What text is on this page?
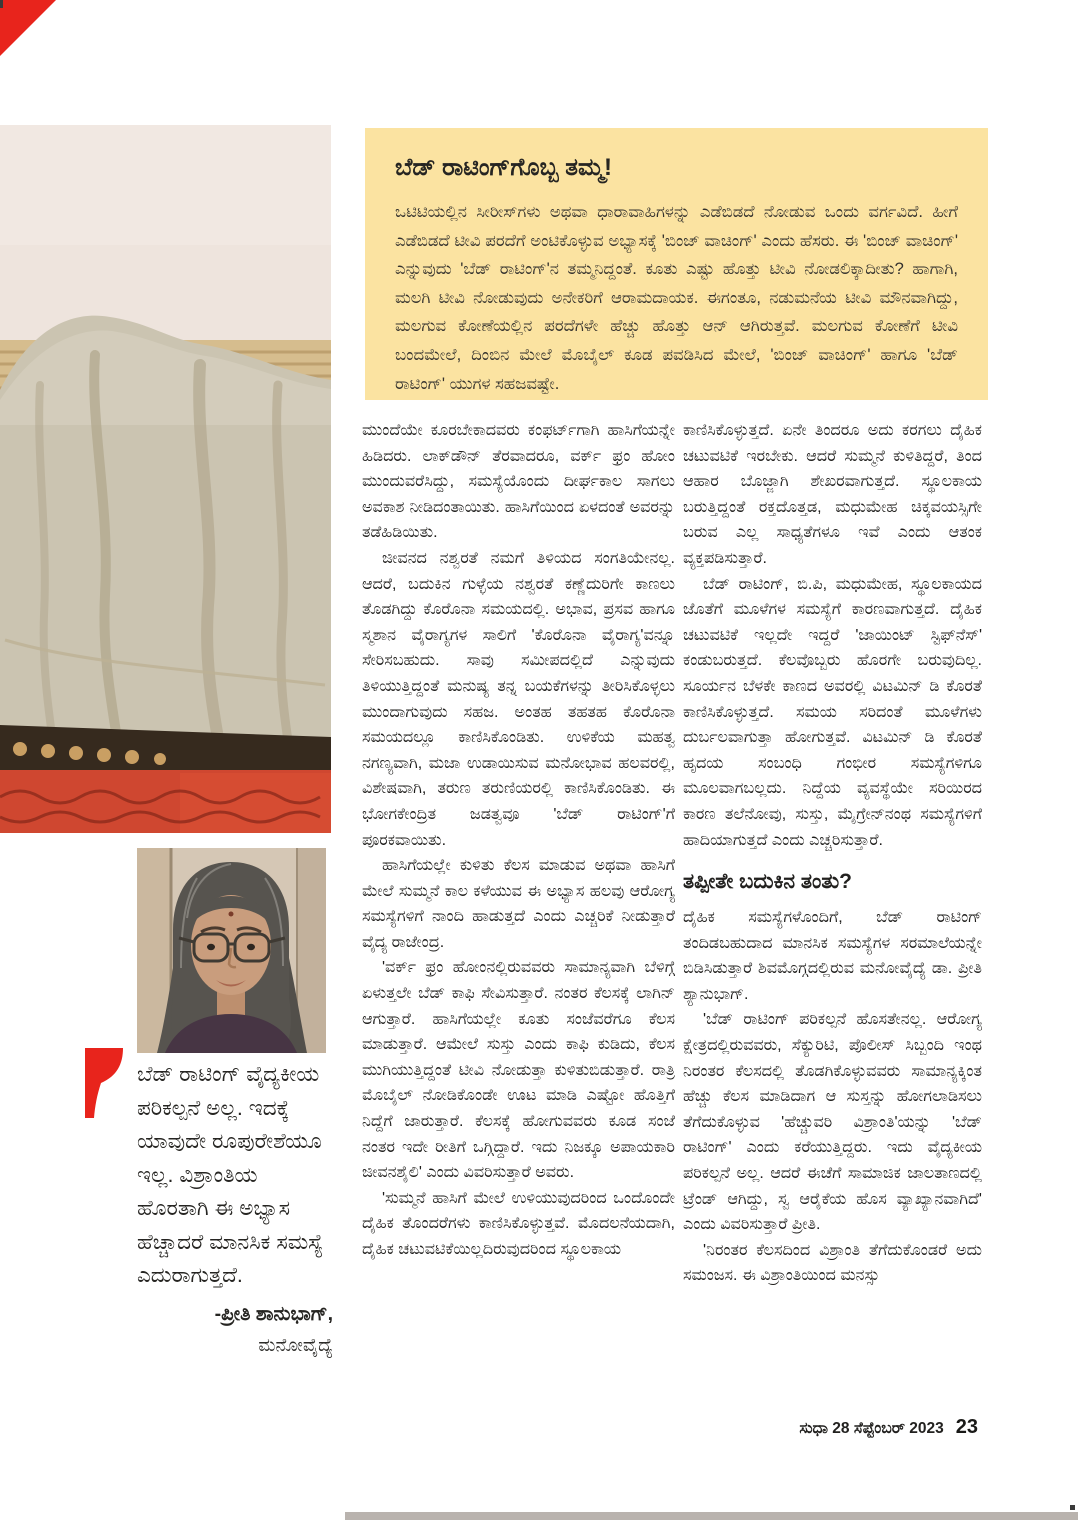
ಬೆಡ್ ರಾಟಿಂಗ್‌ಗೊಬ್ಬ ತಮ್ಮ!

ಒಟಿಟಿಯಲ್ಲಿನ ಸೀರೀಸ್‌ಗಳು ಅಥವಾ ಧಾರಾವಾಹಿಗಳನ್ನು ಎಡೆಬಿಡದೆ ನೋಡುವ ಒಂದು ವರ್ಗವಿದೆ. ಹೀಗೆ ಎಡೆಬಿಡದೆ ಟೀವಿ ಪರದೆಗೆ ಅಂಟಿಕೊಳ್ಳುವ ಅಭ್ಯಾಸಕ್ಕೆ 'ಬಿಂಜ್ ವಾಚಿಂಗ್' ಎಂದು ಹೆಸರು. ಈ 'ಬಿಂಜ್ ವಾಚಿಂಗ್' ಎನ್ನುವುದು 'ಬೆಡ್ ರಾಟಿಂಗ್'ನ ತಮ್ಮನಿದ್ದಂತೆ. ಕೂತು ಎಷ್ಟು ಹೊತ್ತು ಟೀವಿ ನೋಡಲಿಕ್ಕಾದೀತು? ಹಾಗಾಗಿ, ಮಲಗಿ ಟೀವಿ ನೋಡುವುದು ಅನೇಕರಿಗೆ ಆರಾಮದಾಯಕ. ಈಗಂತೂ, ನಡುಮನೆಯ ಟೀವಿ ಮೌನವಾಗಿದ್ದು, ಮಲಗುವ ಕೋಣೆಯಲ್ಲಿನ ಪರದೆಗಳೇ ಹೆಚ್ಚು ಹೊತ್ತು ಆನ್ ಆಗಿರುತ್ತವೆ. ಮಲಗುವ ಕೋಣೆಗೆ ಟೀವಿ ಬಂದಮೇಲೆ, ದಿಂಬಿನ ಮೇಲೆ ಮೊಬೈಲ್ ಕೂಡ ಪವಡಿಸಿದ ಮೇಲೆ, 'ಬಿಂಜ್ ವಾಚಿಂಗ್' ಹಾಗೂ 'ಬೆಡ್ ರಾಟಿಂಗ್' ಯುಗಳ ಸಹಜವಷ್ಟೇ.

ಮುಂದೆಯೇ ಕೂರಬೇಕಾದವರು ಕಂಫರ್ಟ್‌ಗಾಗಿ ಹಾಸಿಗೆಯನ್ನೇ ಹಿಡಿದರು. ಲಾಕ್‌ಡೌನ್ ತೆರವಾದರೂ, ವರ್ಕ್ ಫ್ರಂ ಹೋಂ ಮುಂದುವರೆಸಿದ್ದು, ಸಮಸ್ಯೆಯೊಂದು ದೀರ್ಘಕಾಲ ಸಾಗಲು ಅವಕಾಶ ನೀಡಿದಂತಾಯಿತು. ಹಾಸಿಗೆಯಿಂದ ಏಳದಂತೆ ಅವರನ್ನು ತಡೆಹಿಡಿಯಿತು.

ಜೀವನದ ನಶ್ವರತೆ ನಮಗೆ ತಿಳಿಯದ ಸಂಗತಿಯೇನಲ್ಲ. ಆದರೆ, ಬದುಕಿನ ಗುಳ್ಳೆಯ ನಶ್ವರತೆ ಕಣ್ಣೆದುರಿಗೇ ಕಾಣಲು ತೊಡಗಿದ್ದು ಕೊರೊನಾ ಸಮಯದಲ್ಲಿ. ಅಭಾವ, ಪ್ರಸವ ಹಾಗೂ ಸ್ಮಶಾನ ವೈರಾಗ್ಯಗಳ ಸಾಲಿಗೆ 'ಕೊರೊನಾ ವೈರಾಗ್ಯ'ವನ್ನೂ ಸೇರಿಸಬಹುದು. ಸಾವು ಸಮೀಪದಲ್ಲಿದೆ ಎನ್ನುವುದು ತಿಳಿಯುತ್ತಿದ್ದಂತೆ ಮನುಷ್ಯ ತನ್ನ ಬಯಕೆಗಳನ್ನು ತೀರಿಸಿಕೊಳ್ಳಲು ಮುಂದಾಗುವುದು ಸಹಜ. ಅಂತಹ ತಹತಹ ಕೊರೊನಾ ಸಮಯದಲ್ಲೂ ಕಾಣಿಸಿಕೊಂಡಿತು. ಉಳಿಕೆಯ ಮಹತ್ವ ನಗಣ್ಯವಾಗಿ, ಮಜಾ ಉಡಾಯಿಸುವ ಮನೋಭಾವ ಹಲವರಲ್ಲಿ, ವಿಶೇಷವಾಗಿ, ತರುಣ ತರುಣಿಯರಲ್ಲಿ ಕಾಣಿಸಿಕೊಂಡಿತು. ಈ ಭೋಗಕೇಂದ್ರಿತ ಜಡತ್ವವೂ 'ಬೆಡ್ ರಾಟಿಂಗ್'ಗೆ ಪೂರಕವಾಯಿತು.

ಹಾಸಿಗೆಯಲ್ಲೇ ಕುಳಿತು ಕೆಲಸ ಮಾಡುವ ಅಥವಾ ಹಾಸಿಗೆ ಮೇಲೆ ಸುಮ್ಮನೆ ಕಾಲ ಕಳೆಯುವ ಈ ಅಭ್ಯಾಸ ಹಲವು ಆರೋಗ್ಯ ಸಮಸ್ಯೆಗಳಿಗೆ ನಾಂದಿ ಹಾಡುತ್ತದೆ ಎಂದು ಎಚ್ಚರಿಕೆ ನೀಡುತ್ತಾರೆ ವೈದ್ಯ ರಾಜೇಂದ್ರ.

'ವರ್ಕ್ ಫ್ರಂ ಹೋಂನಲ್ಲಿರುವವರು ಸಾಮಾನ್ಯವಾಗಿ ಬೆಳಿಗ್ಗೆ ಏಳುತ್ತಲೇ ಬೆಡ್ ಕಾಫಿ ಸೇವಿಸುತ್ತಾರೆ. ನಂತರ ಕೆಲಸಕ್ಕೆ ಲಾಗಿನ್ ಆಗುತ್ತಾರೆ. ಹಾಸಿಗೆಯಲ್ಲೇ ಕೂತು ಸಂಜೆವರೆಗೂ ಕೆಲಸ ಮಾಡುತ್ತಾರೆ. ಆಮೇಲೆ ಸುಸ್ತು ಎಂದು ಕಾಫಿ ಕುಡಿದು, ಕೆಲಸ ಮುಗಿಯುತ್ತಿದ್ದಂತೆ ಟೀವಿ ನೋಡುತ್ತಾ ಕುಳಿತುಬಿಡುತ್ತಾರೆ. ರಾತ್ರಿ ಮೊಬೈಲ್ ನೋಡಿಕೊಂಡೇ ಊಟ ಮಾಡಿ ಎಷ್ಟೋ ಹೊತ್ತಿಗೆ ನಿದ್ದೆಗೆ ಜಾರುತ್ತಾರೆ. ಕೆಲಸಕ್ಕೆ ಹೋಗುವವರು ಕೂಡ ಸಂಜೆ ನಂತರ ಇದೇ ರೀತಿಗೆ ಒಗ್ಗಿದ್ದಾರೆ. ಇದು ನಿಜಕ್ಕೂ ಅಪಾಯಕಾರಿ ಜೀವನಶೈಲಿ' ಎಂದು ವಿವರಿಸುತ್ತಾರೆ ಅವರು.

'ಸುಮ್ಮನೆ ಹಾಸಿಗೆ ಮೇಲೆ ಉಳಿಯುವುದರಿಂದ ಒಂದೊಂದೇ ದೈಹಿಕ ತೊಂದರೆಗಳು ಕಾಣಿಸಿಕೊಳ್ಳುತ್ತವೆ. ಮೊದಲನೆಯದಾಗಿ, ದೈಹಿಕ ಚಟುವಟಿಕೆಯಿಲ್ಲದಿರುವುದರಿಂದ ಸ್ಥೂಲಕಾಯ

ಕಾಣಿಸಿಕೊಳ್ಳುತ್ತದೆ. ಏನೇ ತಿಂದರೂ ಅದು ಕರಗಲು ದೈಹಿಕ ಚಟುವಟಿಕೆ ಇರಬೇಕು. ಆದರೆ ಸುಮ್ಮನೆ ಕುಳಿತಿದ್ದರೆ, ತಿಂದ ಆಹಾರ ಬೊಜ್ಜಾಗಿ ಶೇಖರವಾಗುತ್ತದೆ. ಸ್ಥೂಲಕಾಯ ಬರುತ್ತಿದ್ದಂತೆ ರಕ್ತದೊತ್ತಡ, ಮಧುಮೇಹ ಚಿಕ್ಕವಯಸ್ಸಿಗೇ ಬರುವ ಎಲ್ಲ ಸಾಧ್ಯತೆಗಳೂ ಇವೆ ಎಂದು ಆತಂಕ ವ್ಯಕ್ತಪಡಿಸುತ್ತಾರೆ.

ಬೆಡ್ ರಾಟಿಂಗ್, ಬಿ.ಪಿ, ಮಧುಮೇಹ, ಸ್ಥೂಲಕಾಯದ ಜೊತೆಗೆ ಮೂಳೆಗಳ ಸಮಸ್ಯೆಗೆ ಕಾರಣವಾಗುತ್ತದೆ. ದೈಹಿಕ ಚಟುವಟಿಕೆ ಇಲ್ಲದೇ ಇದ್ದರೆ 'ಜಾಯಿಂಟ್ ಸ್ಟಿಫ್‌ನೆಸ್' ಕಂಡುಬರುತ್ತದೆ. ಕೆಲವೊಬ್ಬರು ಹೊರಗೇ ಬರುವುದಿಲ್ಲ. ಸೂರ್ಯನ ಬೆಳಕೇ ಕಾಣದ ಅವರಲ್ಲಿ ವಿಟಮಿನ್ ಡಿ ಕೊರತೆ ಕಾಣಿಸಿಕೊಳ್ಳುತ್ತದೆ. ಸಮಯ ಸರಿದಂತೆ ಮೂಳೆಗಳು ದುರ್ಬಲವಾಗುತ್ತಾ ಹೋಗುತ್ತವೆ. ವಿಟಮಿನ್ ಡಿ ಕೊರತೆ ಹೃದಯ ಸಂಬಂಧಿ ಗಂಭೀರ ಸಮಸ್ಯೆಗಳಿಗೂ ಮೂಲವಾಗಬಲ್ಲದು. ನಿದ್ದೆಯ ವ್ಯವಸ್ಥೆಯೇ ಸರಿಯಿರದ ಕಾರಣ ತಲೆನೋವು, ಸುಸ್ತು, ಮೈಗ್ರೇನ್‌ನಂಥ ಸಮಸ್ಯೆಗಳಿಗೆ ಹಾದಿಯಾಗುತ್ತದೆ ಎಂದು ಎಚ್ಚರಿಸುತ್ತಾರೆ.

ತಪ್ಪೀತೇ ಬದುಕಿನ ತಂತು?

ದೈಹಿಕ ಸಮಸ್ಯೆಗಳೊಂದಿಗೆ, ಬೆಡ್ ರಾಟಿಂಗ್ ತಂದಿಡಬಹುದಾದ ಮಾನಸಿಕ ಸಮಸ್ಯೆಗಳ ಸರಮಾಲೆಯನ್ನೇ ಬಿಡಿಸಿಡುತ್ತಾರೆ ಶಿವಮೊಗ್ಗದಲ್ಲಿರುವ ಮನೋವೈದ್ಯೆ ಡಾ. ಪ್ರೀತಿ ಶ್ಯಾನುಭಾಗ್.

'ಬೆಡ್ ರಾಟಿಂಗ್ ಪರಿಕಲ್ಪನೆ ಹೊಸತೇನಲ್ಲ. ಆರೋಗ್ಯ ಕ್ಷೇತ್ರದಲ್ಲಿರುವವರು, ಸೆಕ್ಯುರಿಟಿ, ಪೊಲೀಸ್ ಸಿಬ್ಬಂದಿ ಇಂಥ ನಿರಂತರ ಕೆಲಸದಲ್ಲಿ ತೊಡಗಿಕೊಳ್ಳುವವರು ಸಾಮಾನ್ಯಕ್ಕಿಂತ ಹೆಚ್ಚು ಕೆಲಸ ಮಾಡಿದಾಗ ಆ ಸುಸ್ತನ್ನು ಹೋಗಲಾಡಿಸಲು ತೆಗೆದುಕೊಳ್ಳುವ 'ಹೆಚ್ಚುವರಿ ವಿಶ್ರಾಂತಿ'ಯನ್ನು 'ಬೆಡ್ ರಾಟಿಂಗ್' ಎಂದು ಕರೆಯುತ್ತಿದ್ದರು. ಇದು ವೈದ್ಯಕೀಯ ಪರಿಕಲ್ಪನೆ ಅಲ್ಲ. ಆದರೆ ಈಚೆಗೆ ಸಾಮಾಜಿಕ ಜಾಲತಾಣದಲ್ಲಿ ಟ್ರೆಂಡ್ ಆಗಿದ್ದು, ಸ್ವ ಆರೈಕೆಯ ಹೊಸ ವ್ಯಾಖ್ಯಾನವಾಗಿದೆ' ಎಂದು ವಿವರಿಸುತ್ತಾರೆ ಪ್ರೀತಿ.

'ನಿರಂತರ ಕೆಲಸದಿಂದ ವಿಶ್ರಾಂತಿ ತೆಗೆದುಕೊಂಡರೆ ಅದು ಸಮಂಜಸ. ಈ ವಿಶ್ರಾಂತಿಯಿಂದ ಮನಸ್ಸು

ಬೆಡ್ ರಾಟಿಂಗ್ ವೈದ್ಯಕೀಯ ಪರಿಕಲ್ಪನೆ ಅಲ್ಲ. ಇದಕ್ಕೆ ಯಾವುದೇ ರೂಪುರೇಶೆಯೂ ಇಲ್ಲ. ವಿಶ್ರಾಂತಿಯ ಹೊರತಾಗಿ ಈ ಅಭ್ಯಾಸ ಹೆಚ್ಚಾದರೆ ಮಾನಸಿಕ ಸಮಸ್ಯೆ ಎದುರಾಗುತ್ತದೆ.

-ಪ್ರೀತಿ ಶಾನುಭಾಗ್,

ಮನೋವೈದ್ಯೆ

ಸುಧಾ 28 ಸೆಪ್ಟೆಂಬರ್ 2023 23
